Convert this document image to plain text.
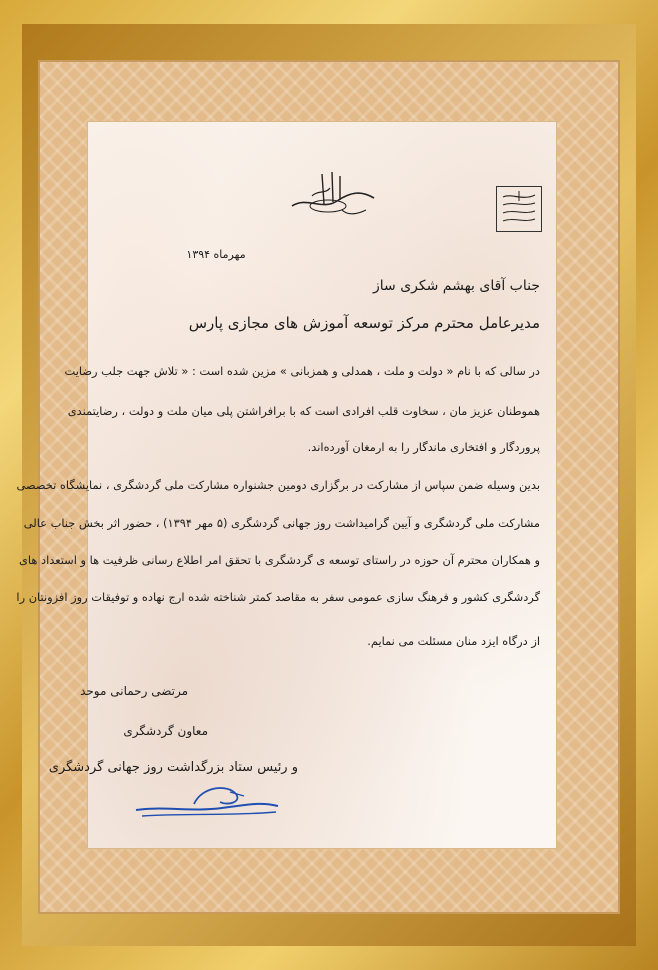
مهرماه ۱۳۹۴
جناب آقای بهشم شکری ساز
مدیرعامل محترم مرکز توسعه آموزش های مجازی پارس
در سالی که با نام « دولت و ملت ، همدلی و همزبانی » مزین شده است : « تلاش جهت جلب رضایت
هموطنان عزیز مان ، سخاوت قلب افرادی است که با برافراشتن پلی میان ملت و دولت ، رضایتمندی
پروردگار و افتخاری ماندگار را به ارمغان آورده‌اند.
بدین وسیله ضمن سپاس از مشارکت در برگزاری دومین جشنواره مشارکت ملی گردشگری ، نمایشگاه تخصصی
مشارکت ملی گردشگری و آیین گرامیداشت روز جهانی گردشگری (۵ مهر ۱۳۹۴) ، حضور اثر بخش جناب عالی
و همکاران محترم آن حوزه در راستای توسعه ی گردشگری با تحقق امر اطلاع رسانی ظرفیت ها و استعداد های
گردشگری کشور و فرهنگ سازی عمومی سفر به مقاصد کمتر شناخته شده ارج نهاده و توفیقات روز افزونتان را
از درگاه ایزد منان مسئلت می نمایم.
مرتضی رحمانی موحد
معاون گردشگری
و رئیس ستاد بزرگداشت روز جهانی گردشگری
